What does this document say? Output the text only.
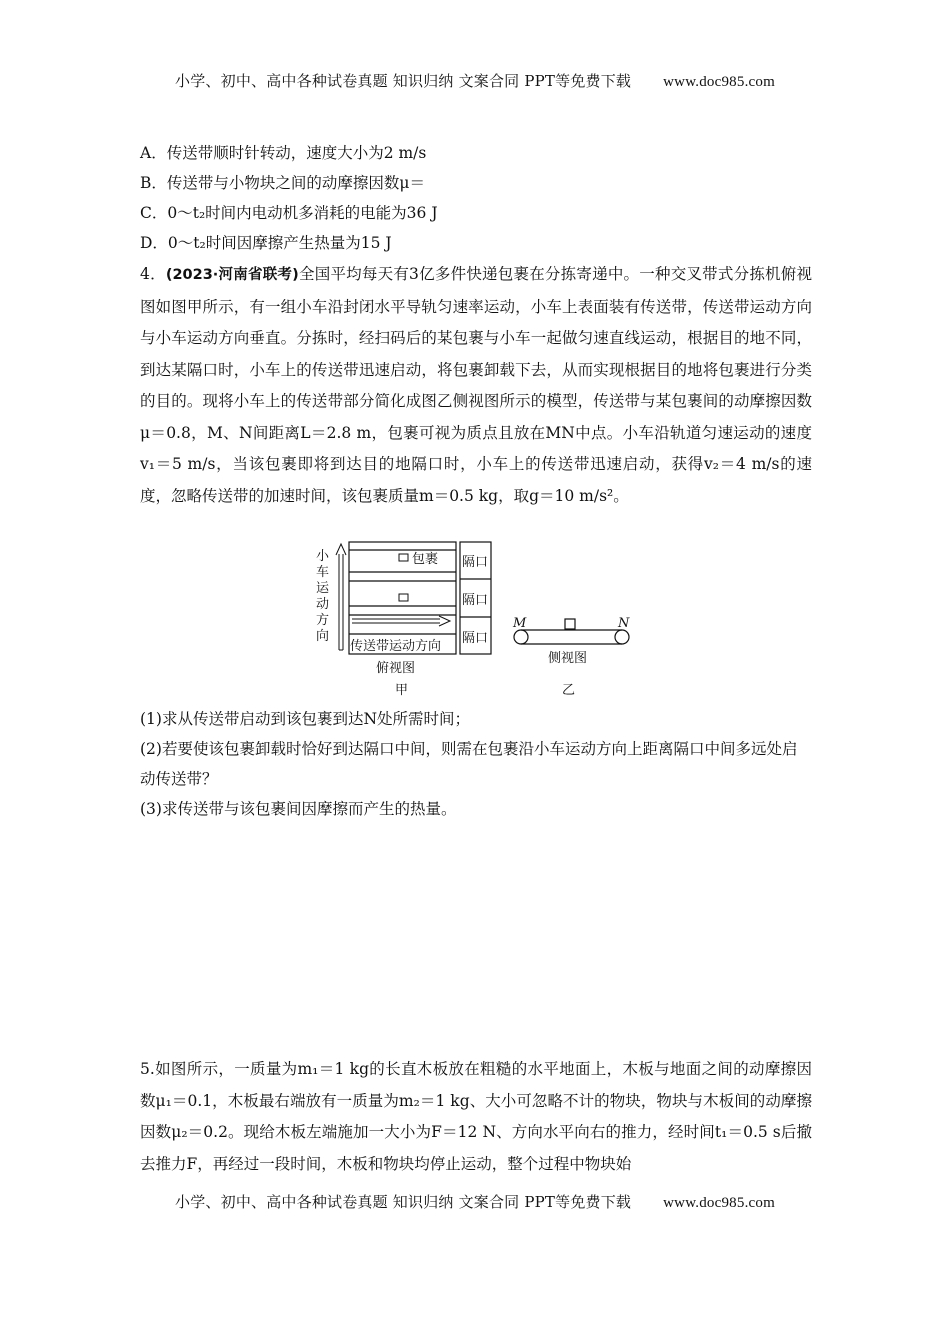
小学、初中、高中各种试卷真题 知识归纳 文案合同 PPT等免费下载 www.doc985.com
A．传送带顺时针转动，速度大小为2 m/s
B．传送带与小物块之间的动摩擦因数μ＝
C．0～t₂时间内电动机多消耗的电能为36 J
D．0～t₂时间因摩擦产生热量为15 J
4．(2023·河南省联考)全国平均每天有3亿多件快递包裹在分拣寄递中。一种交叉带式分拣机俯视图如图甲所示，有一组小车沿封闭水平导轨匀速率运动，小车上表面装有传送带，传送带运动方向与小车运动方向垂直。分拣时，经扫码后的某包裹与小车一起做匀速直线运动，根据目的地不同，到达某隔口时，小车上的传送带迅速启动，将包裹卸载下去，从而实现根据目的地将包裹进行分类的目的。现将小车上的传送带部分简化成图乙侧视图所示的模型，传送带与某包裹间的动摩擦因数μ＝0.8，M、N间距离L＝2.8 m，包裹可视为质点且放在MN中点。小车沿轨道匀速运动的速度v₁＝5 m/s，当该包裹即将到达目的地隔口时，小车上的传送带迅速启动，获得v₂＝4 m/s的速度，忽略传送带的加速时间，该包裹质量m＝0.5 kg，取g＝10 m/s²。
(1)求从传送带启动到该包裹到达N处所需时间；
(2)若要使该包裹卸载时恰好到达隔口中间，则需在包裹沿小车运动方向上距离隔口中间多远处启动传送带？
(3)求传送带与该包裹间因摩擦而产生的热量。
小
车
运
动
方
向
包裹
传送带运动方向
隔口
隔口
隔口
俯视图
甲
M	N
侧视图
乙
5.如图所示，一质量为m₁＝1 kg的长直木板放在粗糙的水平地面上，木板与地面之间的动摩擦因数μ₁＝0.1，木板最右端放有一质量为m₂＝1 kg、大小可忽略不计的物块，物块与木板间的动摩擦因数μ₂＝0.2。现给木板左端施加一大小为F＝12 N、方向水平向右的推力，经时间t₁＝0.5 s后撤去推力F，再经过一段时间，木板和物块均停止运动，整个过程中物块始
小学、初中、高中各种试卷真题 知识归纳 文案合同 PPT等免费下载 www.doc985.com
